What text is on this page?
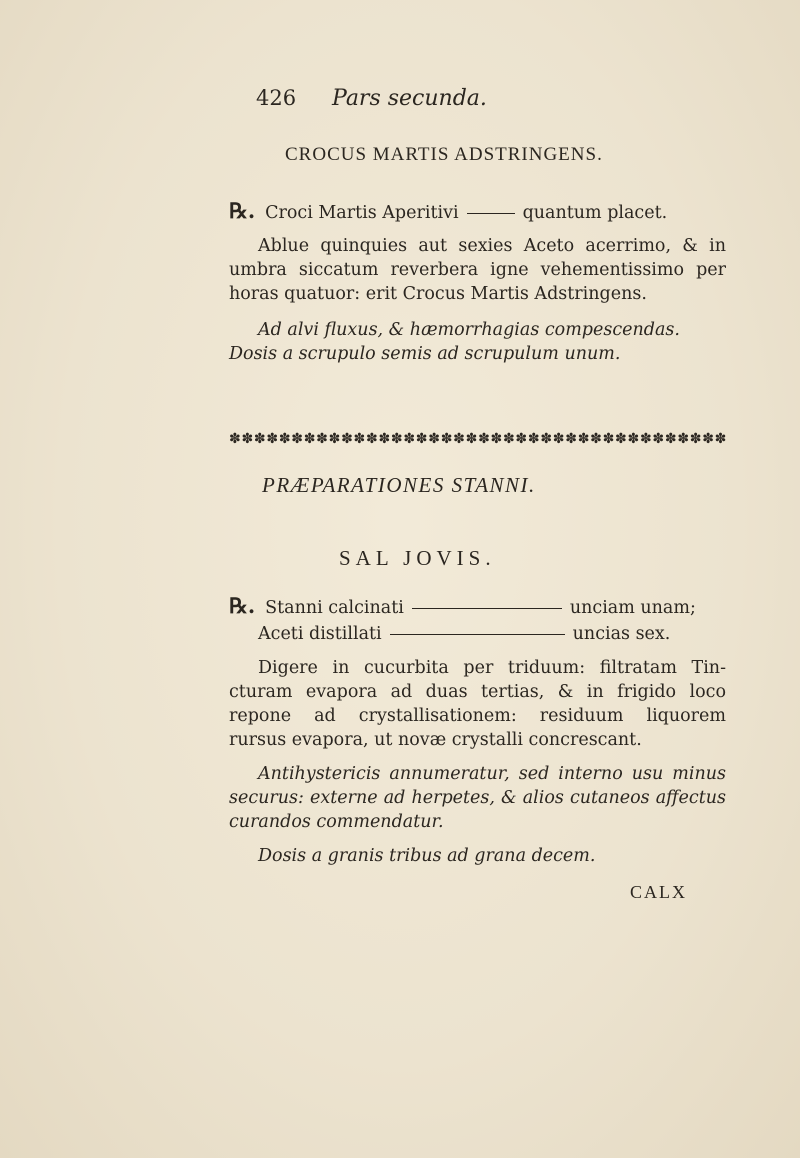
426 Pars secunda.
CROCUS MARTIS ADSTRINGENS.
℞. Croci Martis Aperitivi	quantum placet.
Ablue quinquies aut sexies Aceto acerrimo, & in
umbra siccatum reverbera igne vehementissimo per
horas quatuor: erit Crocus Martis Adstringens.
Ad alvi fluxus, & hæmorrhagias compescendas.
Dosis a scrupulo semis ad scrupulum unum.
✽ ✽ ✽ ✽ ✽ ✽ ✽ ✽ ✽ ✽ ✽ ✽ ✽ ✽ ✽ ✽ ✽ ✽ ✽ ✽ ✽ ✽ ✽ ✽ ✽ ✽ ✽ ✽ ✽ ✽ ✽ ✽ ✽ ✽ ✽ ✽ ✽ ✽ ✽ ✽
PRÆPARATIONES STANNI.
SAL JOVIS.
℞. Stanni calcinati	unciam unam;
Aceti distillati	uncias sex.
Digere in cucurbita per triduum: filtratam Tin-
cturam evapora ad duas tertias, & in frigido loco
repone ad crystallisationem: residuum liquorem
rursus evapora, ut novæ crystalli concrescant.
Antihystericis annumeratur, sed interno usu minus
securus: externe ad herpetes, & alios cutaneos affectus
curandos commendatur.
Dosis a granis tribus ad grana decem.
CALX
